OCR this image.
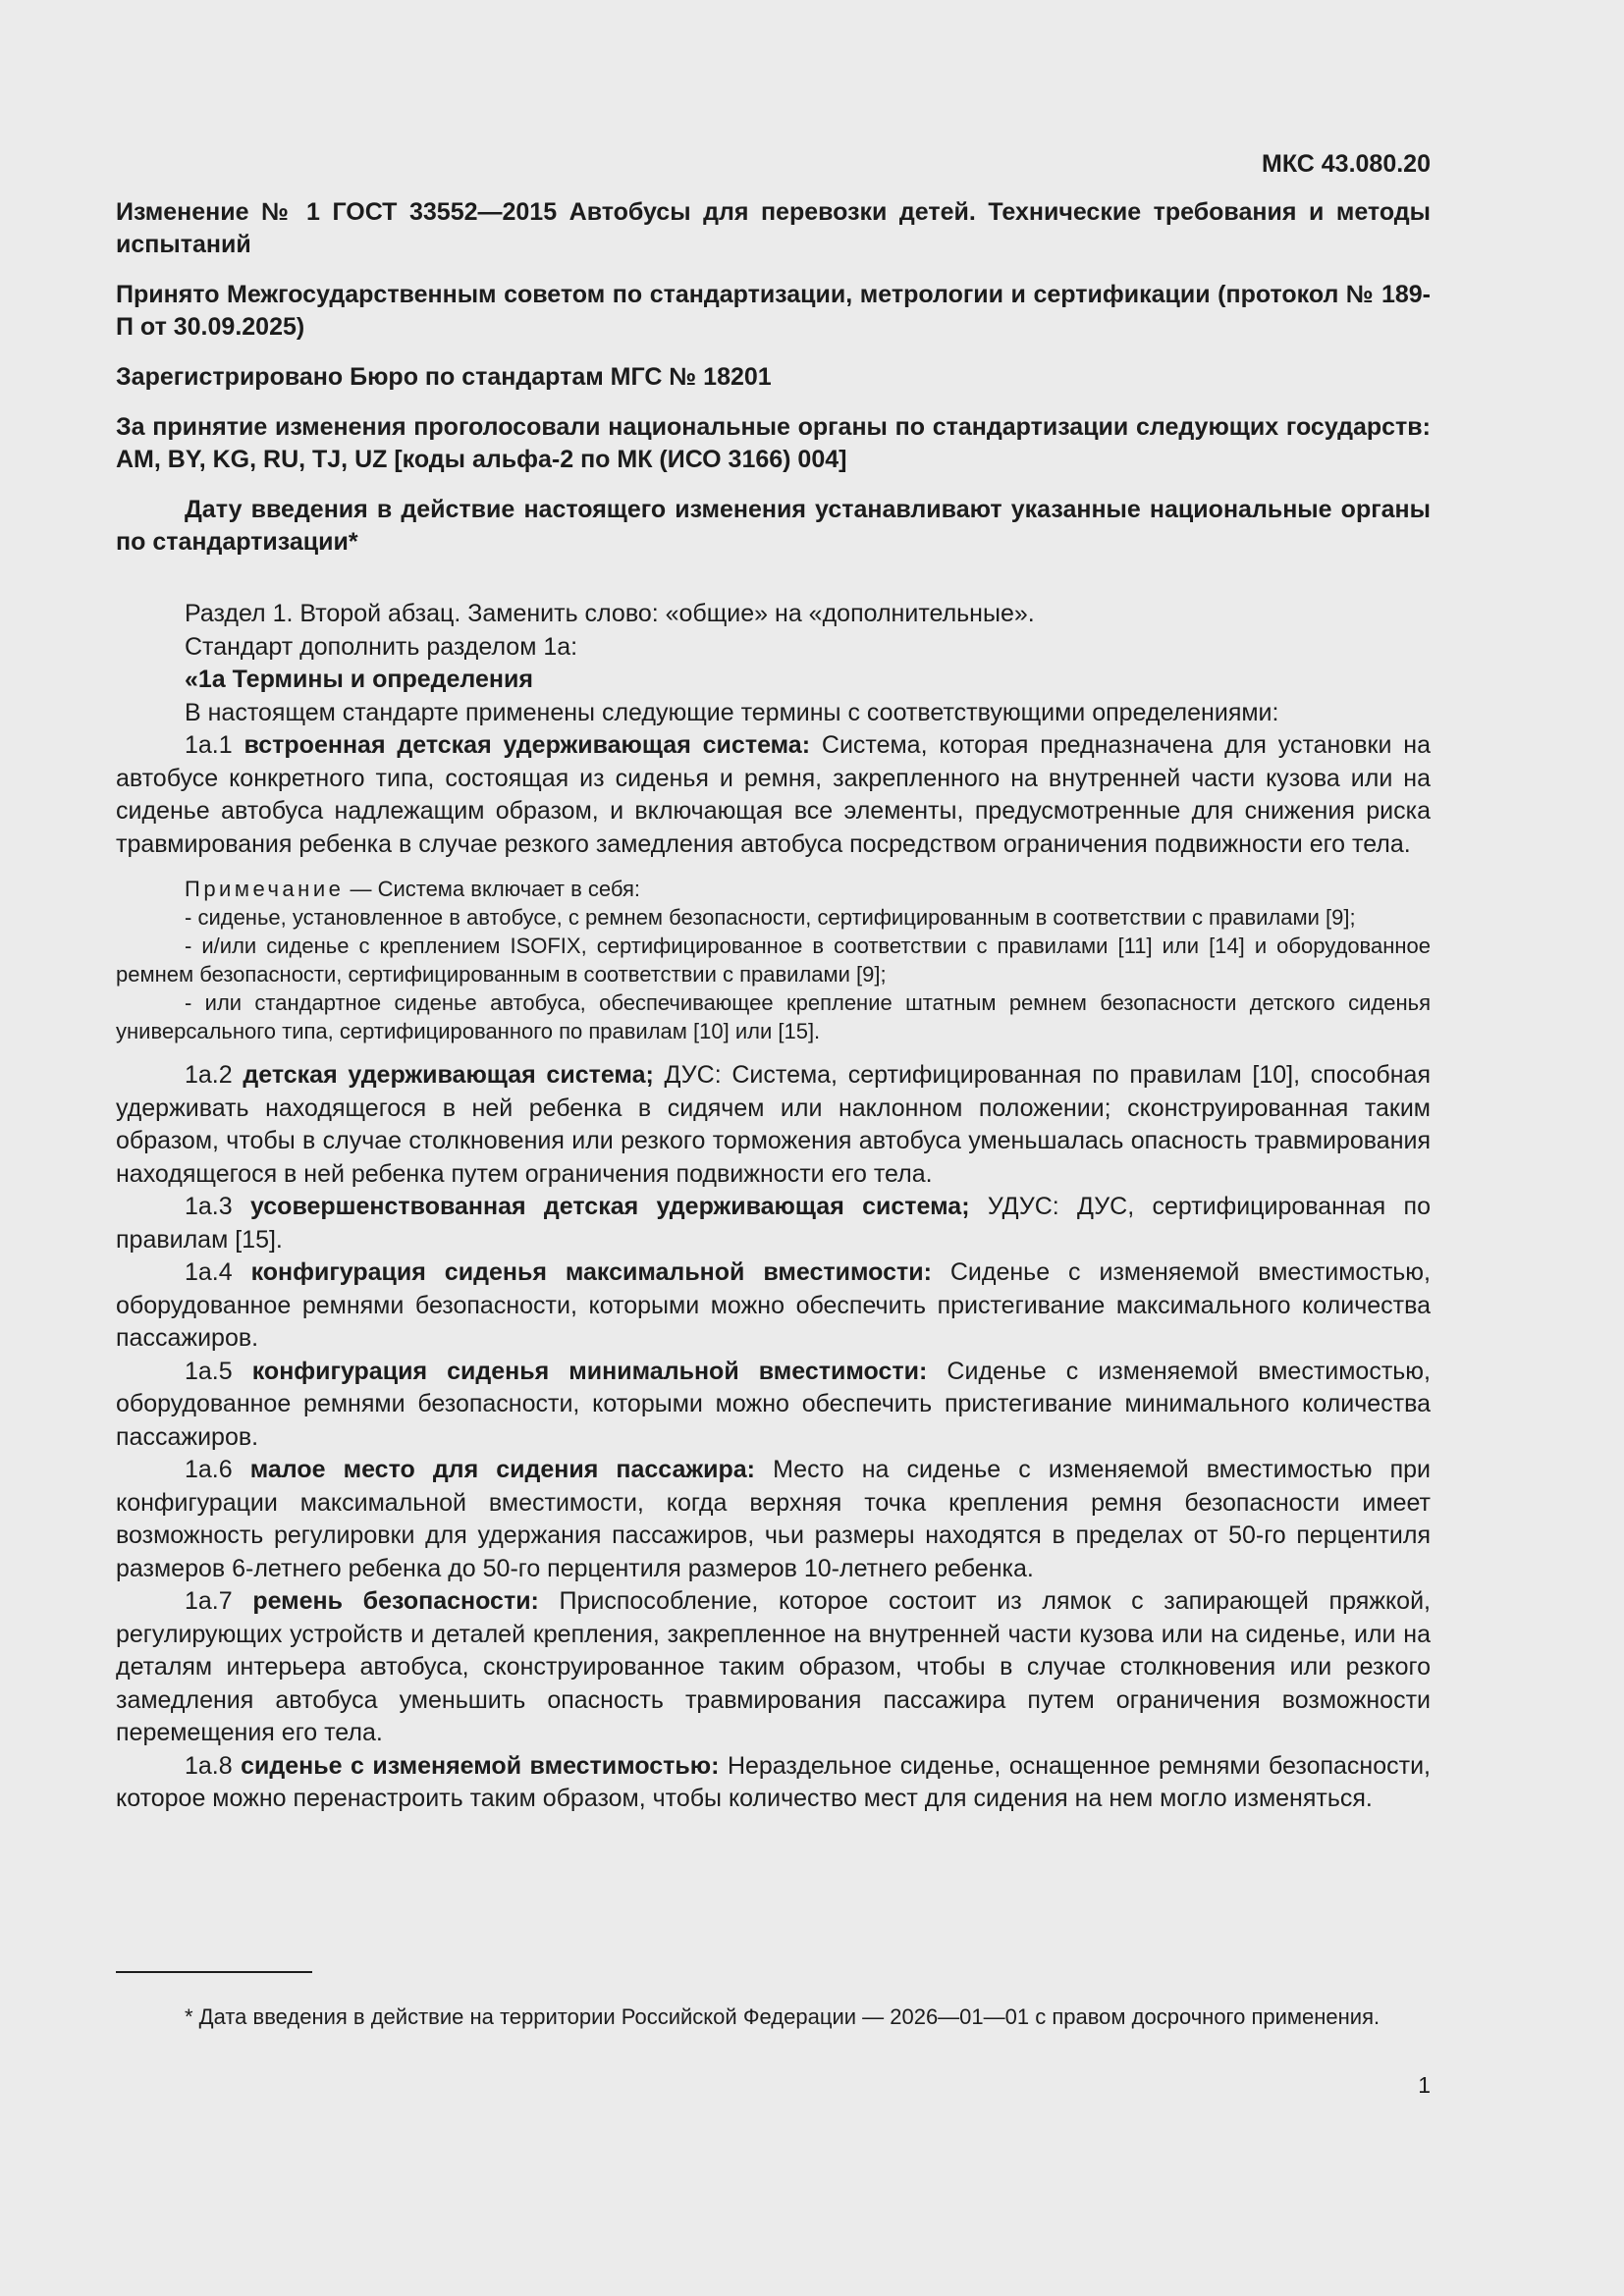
МКС 43.080.20
Изменение № 1 ГОСТ 33552—2015 Автобусы для перевозки детей. Технические требования и методы испытаний
Принято Межгосударственным советом по стандартизации, метрологии и сертификации (протокол № 189-П от 30.09.2025)
Зарегистрировано Бюро по стандартам МГС № 18201
За принятие изменения проголосовали национальные органы по стандартизации следующих государств: AM, BY, KG, RU, TJ, UZ [коды альфа-2 по МК (ИСО 3166) 004]
Дату введения в действие настоящего изменения устанавливают указанные национальные органы по стандартизации*

Раздел 1. Второй абзац. Заменить слово: «общие» на «дополнительные».

Стандарт дополнить разделом 1а:

«1а Термины и определения

В настоящем стандарте применены следующие термины с соответствующими определениями:

1а.1 встроенная детская удерживающая система: Система, которая предназначена для установки на автобусе конкретного типа, состоящая из сиденья и ремня, закрепленного на внутренней части кузова или на сиденье автобуса надлежащим образом, и включающая все элементы, предусмотренные для снижения риска травмирования ребенка в случае резкого замедления автобуса посредством ограничения подвижности его тела.

Примечание — Система включает в себя:

- сиденье, установленное в автобусе, с ремнем безопасности, сертифицированным в соответствии с правилами [9];

- и/или сиденье с креплением ISOFIX, сертифицированное в соответствии с правилами [11] или [14] и оборудованное ремнем безопасности, сертифицированным в соответствии с правилами [9];

- или стандартное сиденье автобуса, обеспечивающее крепление штатным ремнем безопасности детского сиденья универсального типа, сертифицированного по правилам [10] или [15].

1а.2 детская удерживающая система; ДУС: Система, сертифицированная по правилам [10], способная удерживать находящегося в ней ребенка в сидячем или наклонном положении; сконструированная таким образом, чтобы в случае столкновения или резкого торможения автобуса уменьшалась опасность травмирования находящегося в ней ребенка путем ограничения подвижности его тела.

1а.3 усовершенствованная детская удерживающая система; УДУС: ДУС, сертифицированная по правилам [15].

1а.4 конфигурация сиденья максимальной вместимости: Сиденье с изменяемой вместимостью, оборудованное ремнями безопасности, которыми можно обеспечить пристегивание максимального количества пассажиров.

1а.5 конфигурация сиденья минимальной вместимости: Сиденье с изменяемой вместимостью, оборудованное ремнями безопасности, которыми можно обеспечить пристегивание минимального количества пассажиров.

1а.6 малое место для сидения пассажира: Место на сиденье с изменяемой вместимостью при конфигурации максимальной вместимости, когда верхняя точка крепления ремня безопасности имеет возможность регулировки для удержания пассажиров, чьи размеры находятся в пределах от 50-го перцентиля размеров 6-летнего ребенка до 50-го перцентиля размеров 10-летнего ребенка.

1а.7 ремень безопасности: Приспособление, которое состоит из лямок с запирающей пряжкой, регулирующих устройств и деталей крепления, закрепленное на внутренней части кузова или на сиденье, или на деталям интерьера автобуса, сконструированное таким образом, чтобы в случае столкновения или резкого замедления автобуса уменьшить опасность травмирования пассажира путем ограничения возможности перемещения его тела.

1а.8 сиденье с изменяемой вместимостью: Нераздельное сиденье, оснащенное ремнями безопасности, которое можно перенастроить таким образом, чтобы количество мест для сидения на нем могло изменяться.

* Дата введения в действие на территории Российской Федерации — 2026—01—01 с правом досрочного применения.

1
